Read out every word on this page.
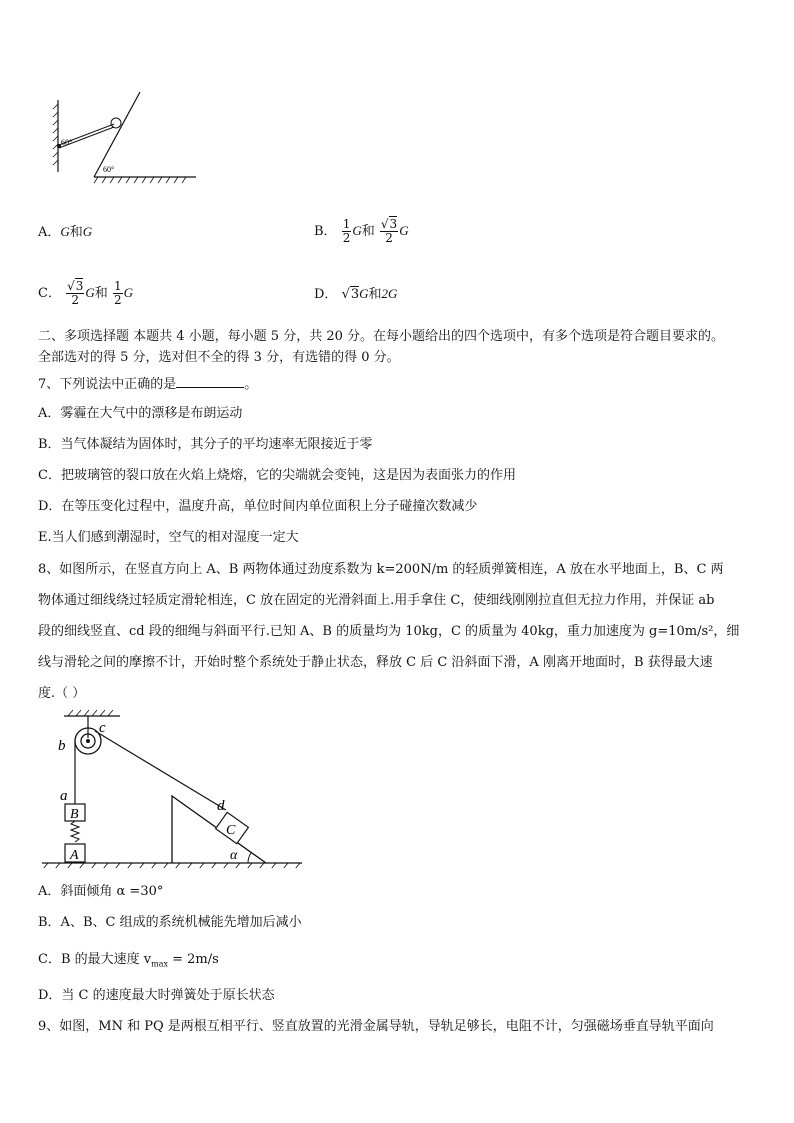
60°
60°
A．G和G	B． $\frac{1}{2}$ G和 $\frac{√3}{2}$ G
C． $\frac{√3}{2}$ G和 $\frac{1}{2}$ G	D． √3G和2G
二、多项选择题 本题共 4 小题，每小题 5 分，共 20 分。在每小题给出的四个选项中，有多个选项是符合题目要求的。
全部选对的得 5 分，选对但不全的得 3 分，有选错的得 0 分。
7、下列说法中正确的是	。
A．雾霾在大气中的漂移是布朗运动
B．当气体凝结为固体时，其分子的平均速率无限接近于零
C．把玻璃管的裂口放在火焰上烧熔，它的尖端就会变钝，这是因为表面张力的作用
D．在等压变化过程中，温度升高，单位时间内单位面积上分子碰撞次数减少
E.当人们感到潮湿时，空气的相对湿度一定大
8、如图所示，在竖直方向上 A、B 两物体通过劲度系数为 k=200N/m 的轻质弹簧相连，A 放在水平地面上，B、C 两
物体通过细线绕过轻质定滑轮相连，C 放在固定的光滑斜面上.用手拿住 C，使细线刚刚拉直但无拉力作用，并保证 ab
段的细线竖直、cd 段的细绳与斜面平行.已知 A、B 的质量均为 10kg，C 的质量为 40kg，重力加速度为 g=10m/s²，细
线与滑轮之间的摩擦不计，开始时整个系统处于静止状态，释放 C 后 C 沿斜面下滑，A 刚离开地面时，B 获得最大速
度.（ ）
c
b
a
B
A
d
C
α
A．斜面倾角 α =30°
B．A、B、C 组成的系统机械能先增加后减小
C．B 的最大速度 $v_{max} = 2m/s$
D．当 C 的速度最大时弹簧处于原长状态
9、如图，MN 和 PQ 是两根互相平行、竖直放置的光滑金属导轨，导轨足够长，电阻不计，匀强磁场垂直导轨平面向
